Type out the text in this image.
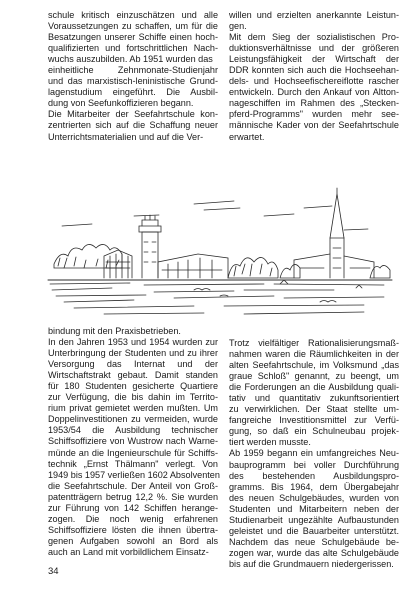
schule kritisch einzuschätzen und alle
Voraussetzungen zu schaffen, um für die
Besatzungen unserer Schiffe einen hoch-
qualifizierten und fortschrittlichen Nach-
wuchs auszubilden. Ab 1951 wurden das
einheitliche Zehnmonate-Studienjahr
und das marxistisch-leninistische Grund-
lagenstudium eingeführt. Die Ausbil-
dung von Seefunkoffizieren begann.
Die Mitarbeiter der Seefahrtschule kon-
zentrierten sich auf die Schaffung neuer
Unterrichtsmaterialien und auf die Ver-
willen und erzielten anerkannte Leistun-
gen.
Mit dem Sieg der sozialistischen Pro-
duktionsverhältnisse und der größeren
Leistungsfähigkeit der Wirtschaft der
DDR konnten sich auch die Hochseehan-
dels- und Hochseefischereiflotte rascher
entwickeln. Durch den Ankauf von Altton-
nageschiffen im Rahmen des „Stecken-
pferd-Programms" wurden mehr see-
männische Kader von der Seefahrtschule
erwartet.
bindung mit den Praxisbetrieben.
In den Jahren 1953 und 1954 wurden zur
Unterbringung der Studenten und zu ihrer
Versorgung das Internat und der
Wirtschaftstrakt gebaut. Damit standen
für 180 Studenten gesicherte Quartiere
zur Verfügung, die bis dahin im Territo-
rium privat gemietet werden mußten. Um
Doppelinvestitionen zu vermeiden, wurde
1953/54 die Ausbildung technischer
Schiffsoffiziere von Wustrow nach Warne-
münde an die Ingenieurschule für Schiffs-
technik „Ernst Thälmann" verlegt. Von
1949 bis 1957 verließen 1602 Absolventen
die Seefahrtschule. Der Anteil von Groß-
patentträgern betrug 12,2 %. Sie wurden
zur Führung von 142 Schiffen herange-
zogen. Die noch wenig erfahrenen
Schiffsoffiziere lösten die ihnen übertra-
genen Aufgaben sowohl an Bord als
auch an Land mit vorbildlichem Einsatz-
Trotz vielfältiger Rationalisierungsmaß-
nahmen waren die Räumlichkeiten in der
alten Seefahrtschule, im Volksmund „das
graue Schloß" genannt, zu beengt, um
die Forderungen an die Ausbildung quali-
tativ und quantitativ zukunftsorientiert
zu verwirklichen. Der Staat stellte um-
fangreiche Investitionsmittel zur Verfü-
gung, so daß ein Schulneubau projek-
tiert werden musste.
Ab 1959 begann ein umfangreiches Neu-
bauprogramm bei voller Durchführung
des bestehenden Ausbildungspro-
gramms. Bis 1964, dem Übergabejahr
des neuen Schulgebäudes, wurden von
Studenten und Mitarbeitern neben der
Studienarbeit ungezählte Aufbaustunden
geleistet und die Bauarbeiter unterstützt.
Nachdem das neue Schulgebäude be-
zogen war, wurde das alte Schulgebäude
bis auf die Grundmauern niedergerissen.
34
